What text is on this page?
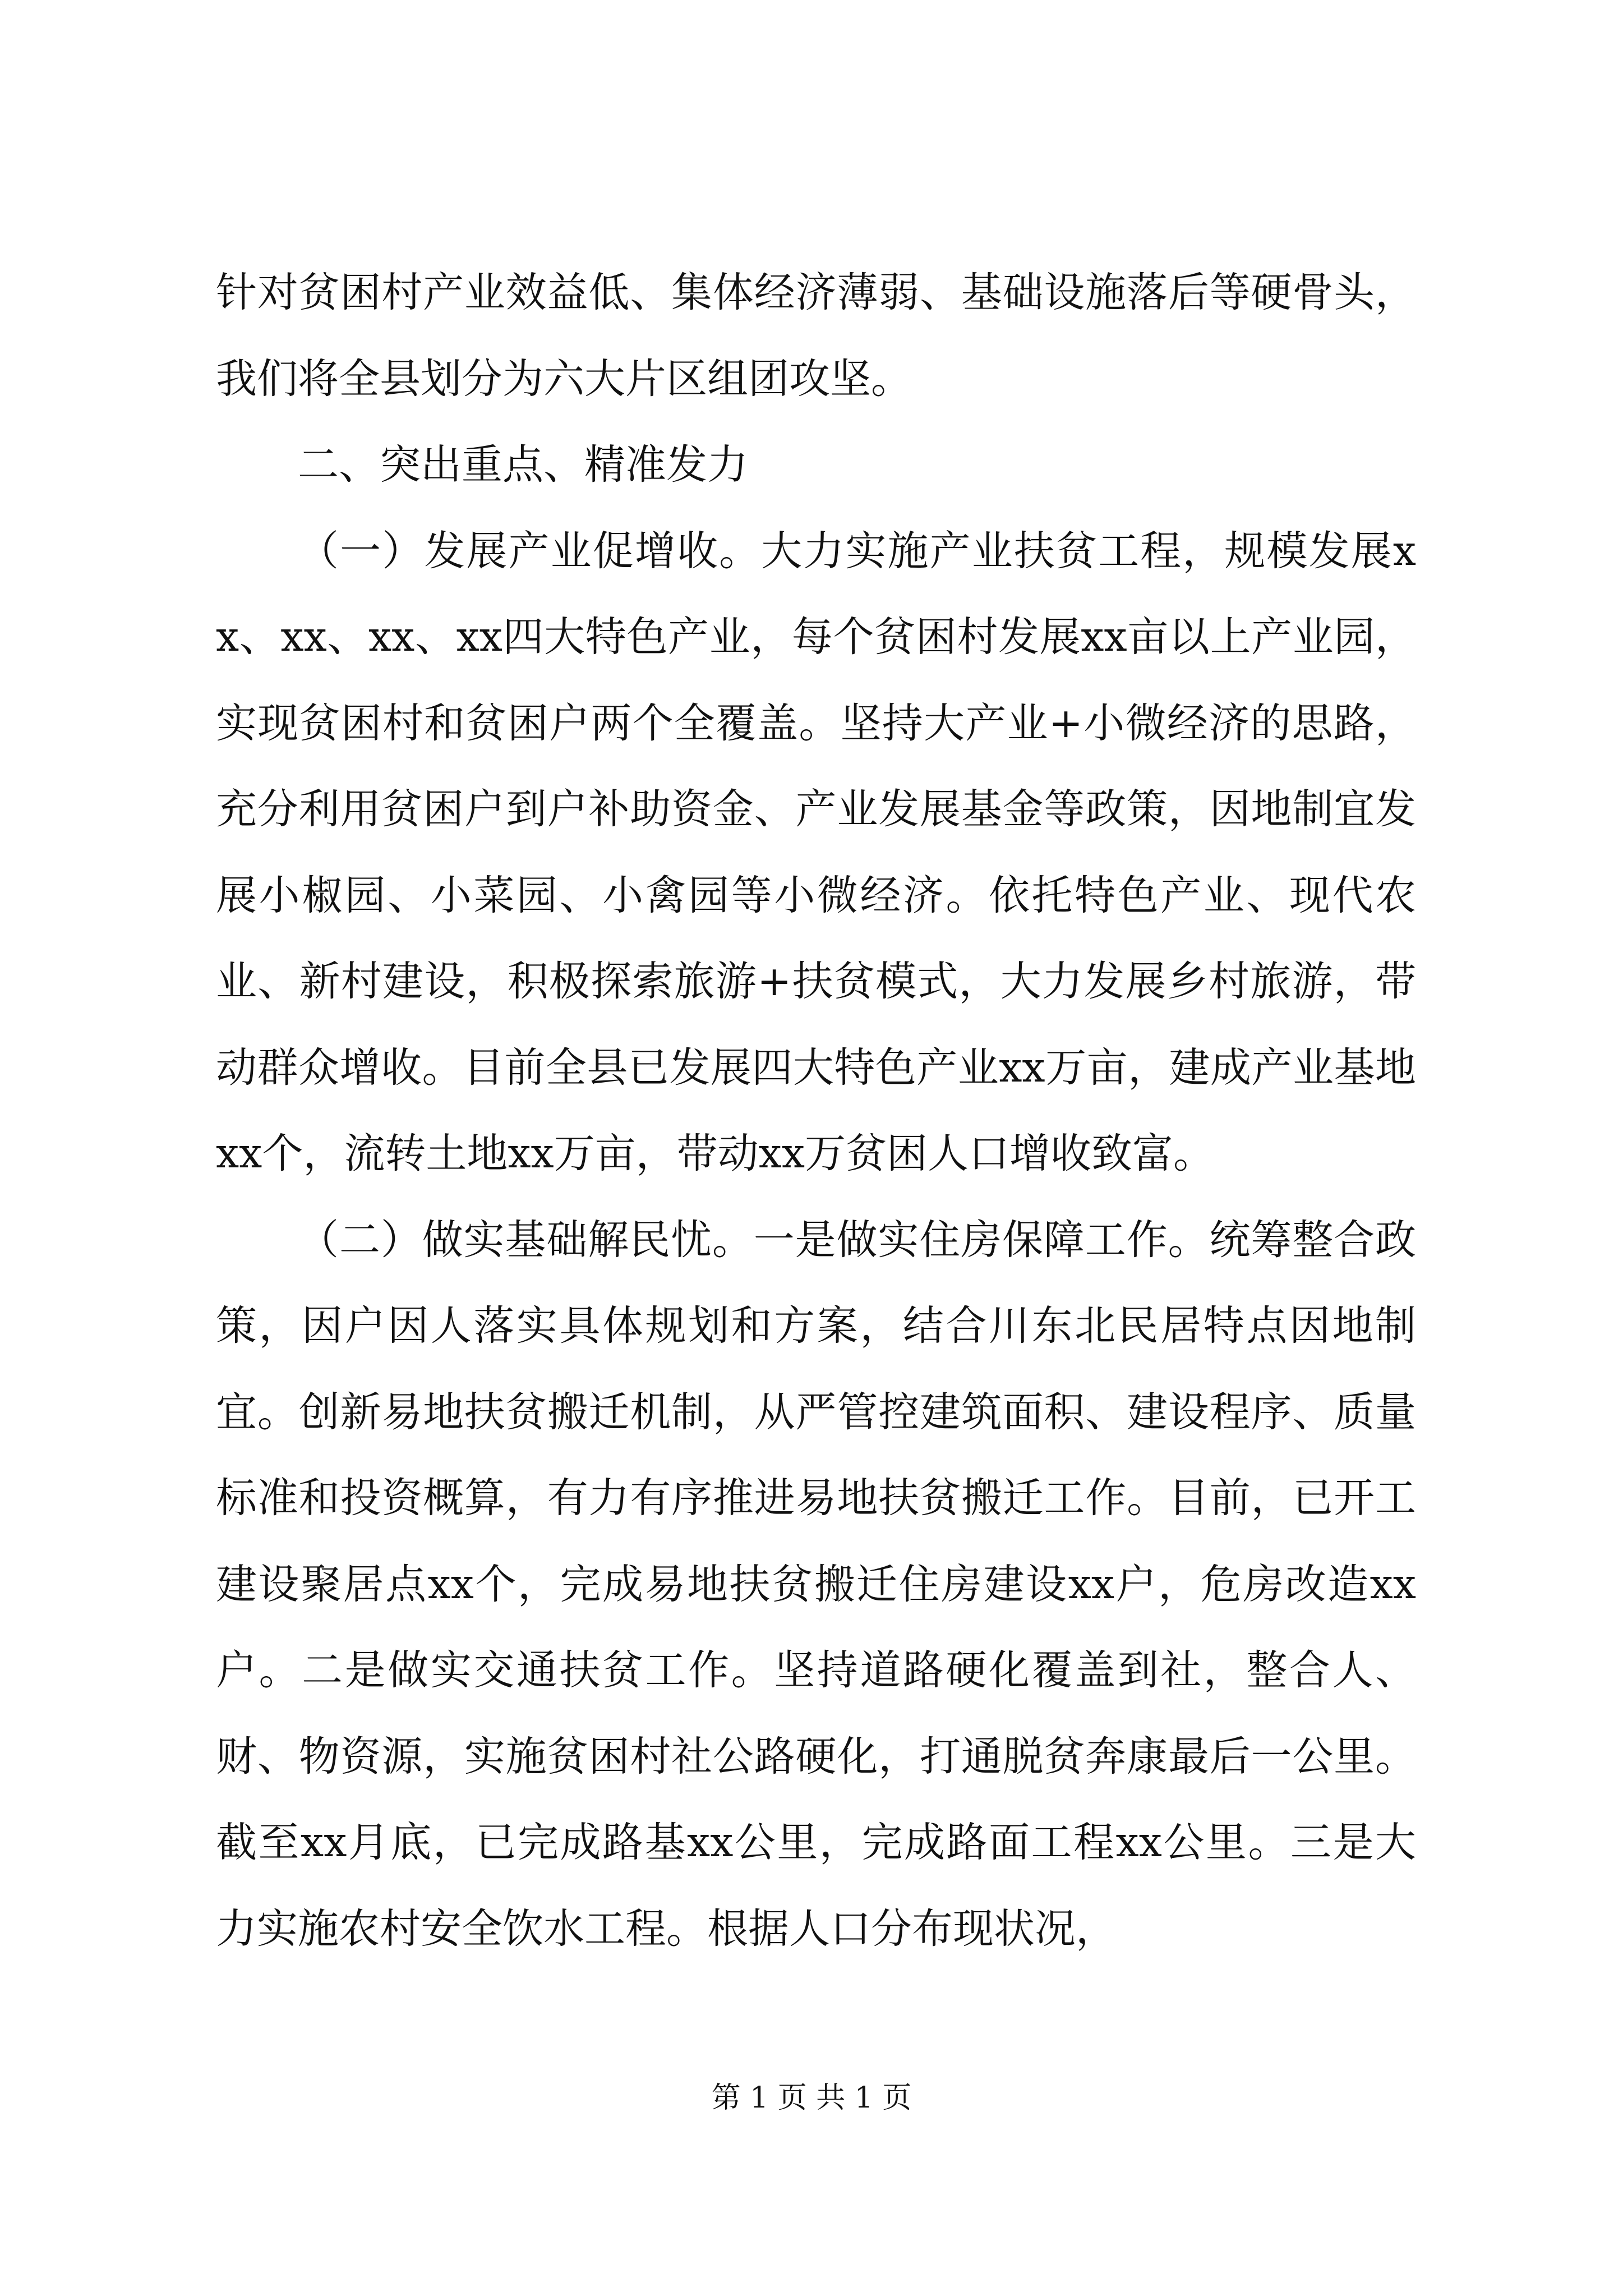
针对贫困村产业效益低、集体经济薄弱、基础设施落后等硬骨头，我们将全县划分为六大片区组团攻坚。

二、突出重点、精准发力

（一）发展产业促增收。大力实施产业扶贫工程，规模发展xx、xx、xx、xx四大特色产业，每个贫困村发展xx亩以上产业园，实现贫困村和贫困户两个全覆盖。坚持大产业+小微经济的思路，充分利用贫困户到户补助资金、产业发展基金等政策，因地制宜发展小椒园、小菜园、小禽园等小微经济。依托特色产业、现代农业、新村建设，积极探索旅游+扶贫模式，大力发展乡村旅游，带动群众增收。目前全县已发展四大特色产业xx万亩，建成产业基地xx个，流转土地xx万亩，带动xx万贫困人口增收致富。

（二）做实基础解民忧。一是做实住房保障工作。统筹整合政策，因户因人落实具体规划和方案，结合川东北民居特点因地制宜。创新易地扶贫搬迁机制，从严管控建筑面积、建设程序、质量标准和投资概算，有力有序推进易地扶贫搬迁工作。目前，已开工建设聚居点xx个，完成易地扶贫搬迁住房建设xx户，危房改造xx户。二是做实交通扶贫工作。坚持道路硬化覆盖到社，整合人、财、物资源，实施贫困村社公路硬化，打通脱贫奔康最后一公里。截至xx月底，已完成路基xx公里，完成路面工程xx公里。三是大力实施农村安全饮水工程。根据人口分布现状况，

第 1 页 共 1 页
